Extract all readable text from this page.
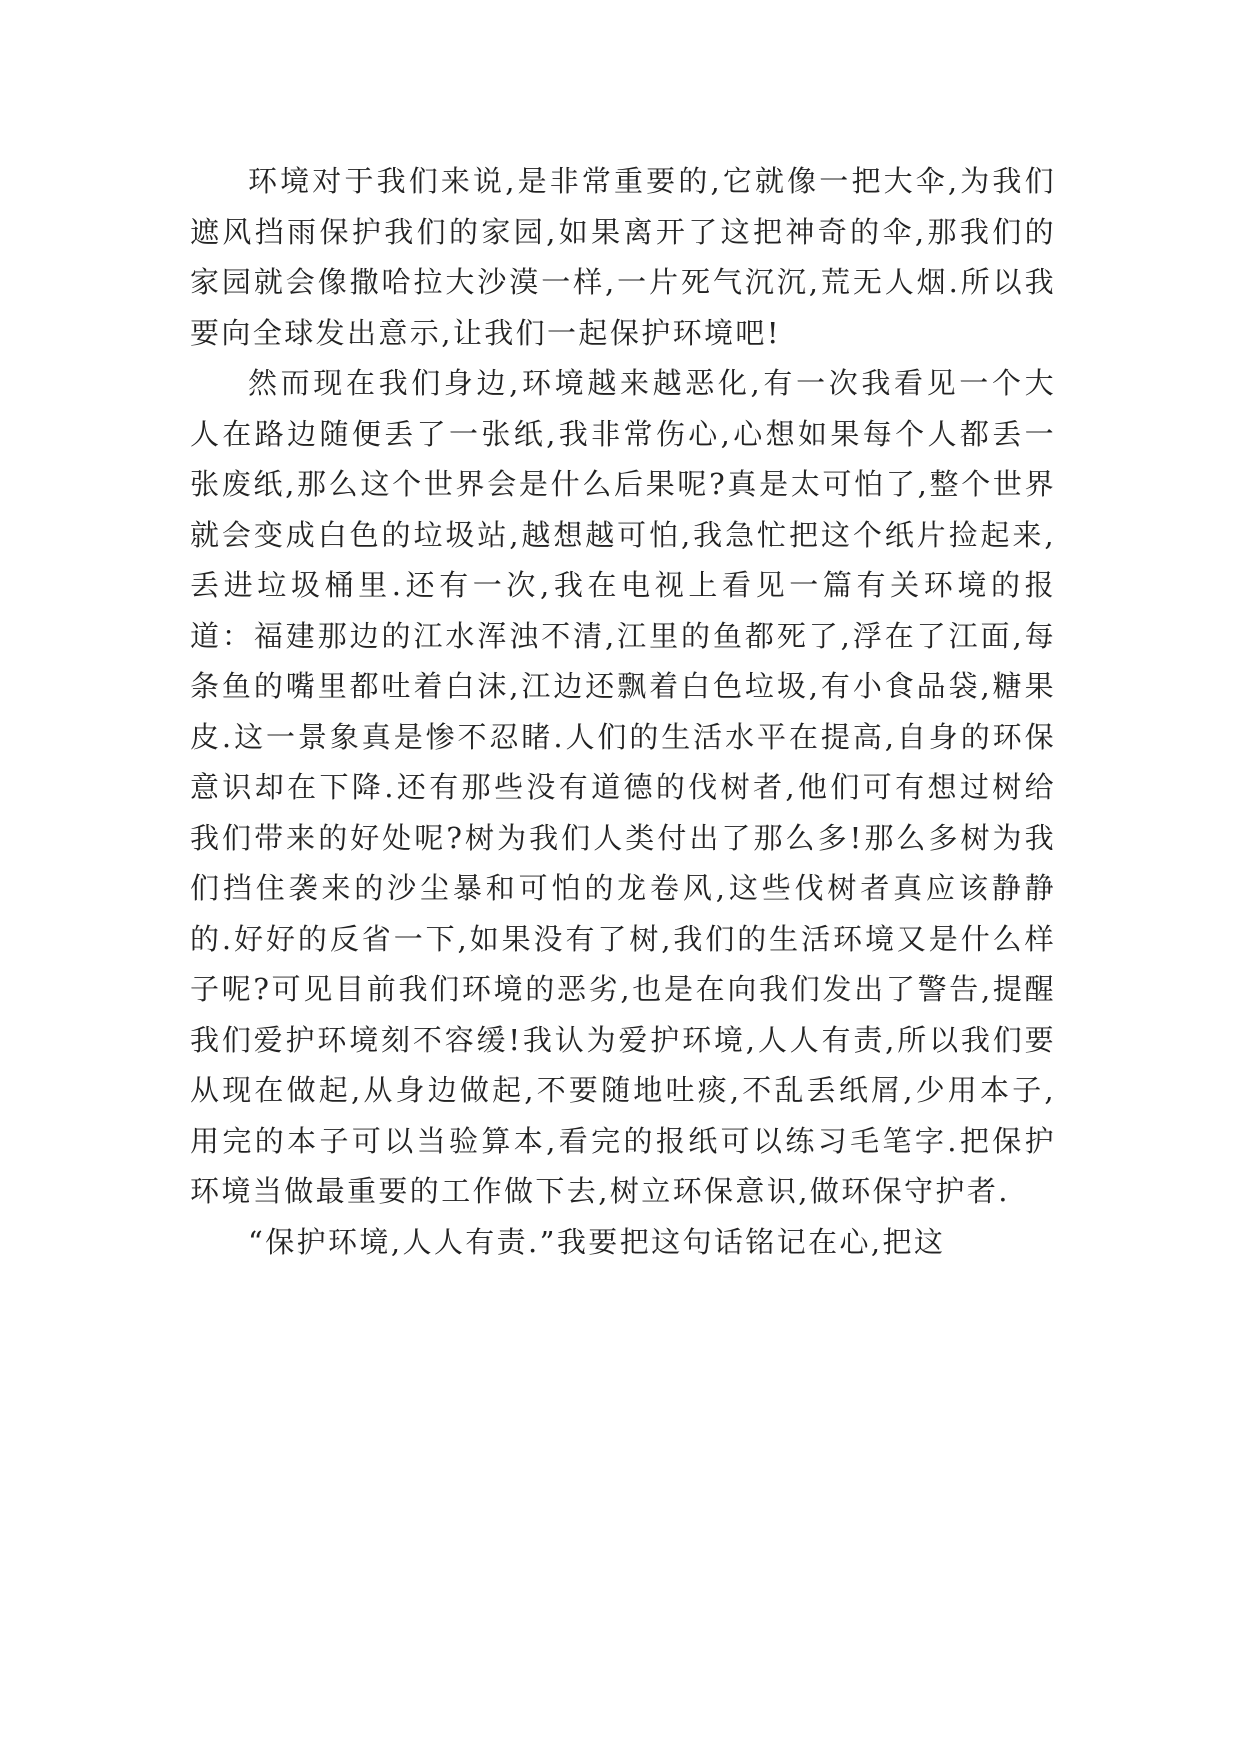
环境对于我们来说,是非常重要的,它就像一把大伞,为我们遮风挡雨保护我们的家园,如果离开了这把神奇的伞,那我们的家园就会像撒哈拉大沙漠一样,一片死气沉沉,荒无人烟.所以我要向全球发出意示,让我们一起保护环境吧!

然而现在我们身边,环境越来越恶化,有一次我看见一个大人在路边随便丢了一张纸,我非常伤心,心想如果每个人都丢一张废纸,那么这个世界会是什么后果呢?真是太可怕了,整个世界就会变成白色的垃圾站,越想越可怕,我急忙把这个纸片捡起来,丢进垃圾桶里.还有一次,我在电视上看见一篇有关环境的报道：福建那边的江水浑浊不清,江里的鱼都死了,浮在了江面,每条鱼的嘴里都吐着白沫,江边还飘着白色垃圾,有小食品袋,糖果皮.这一景象真是惨不忍睹.人们的生活水平在提高,自身的环保意识却在下降.还有那些没有道德的伐树者,他们可有想过树给我们带来的好处呢?树为我们人类付出了那么多!那么多树为我们挡住袭来的沙尘暴和可怕的龙卷风,这些伐树者真应该静静的.好好的反省一下,如果没有了树,我们的生活环境又是什么样子呢?可见目前我们环境的恶劣,也是在向我们发出了警告,提醒我们爱护环境刻不容缓!我认为爱护环境,人人有责,所以我们要从现在做起,从身边做起,不要随地吐痰,不乱丢纸屑,少用本子,用完的本子可以当验算本,看完的报纸可以练习毛笔字.把保护环境当做最重要的工作做下去,树立环保意识,做环保守护者.

“保护环境,人人有责.”我要把这句话铭记在心,把这
